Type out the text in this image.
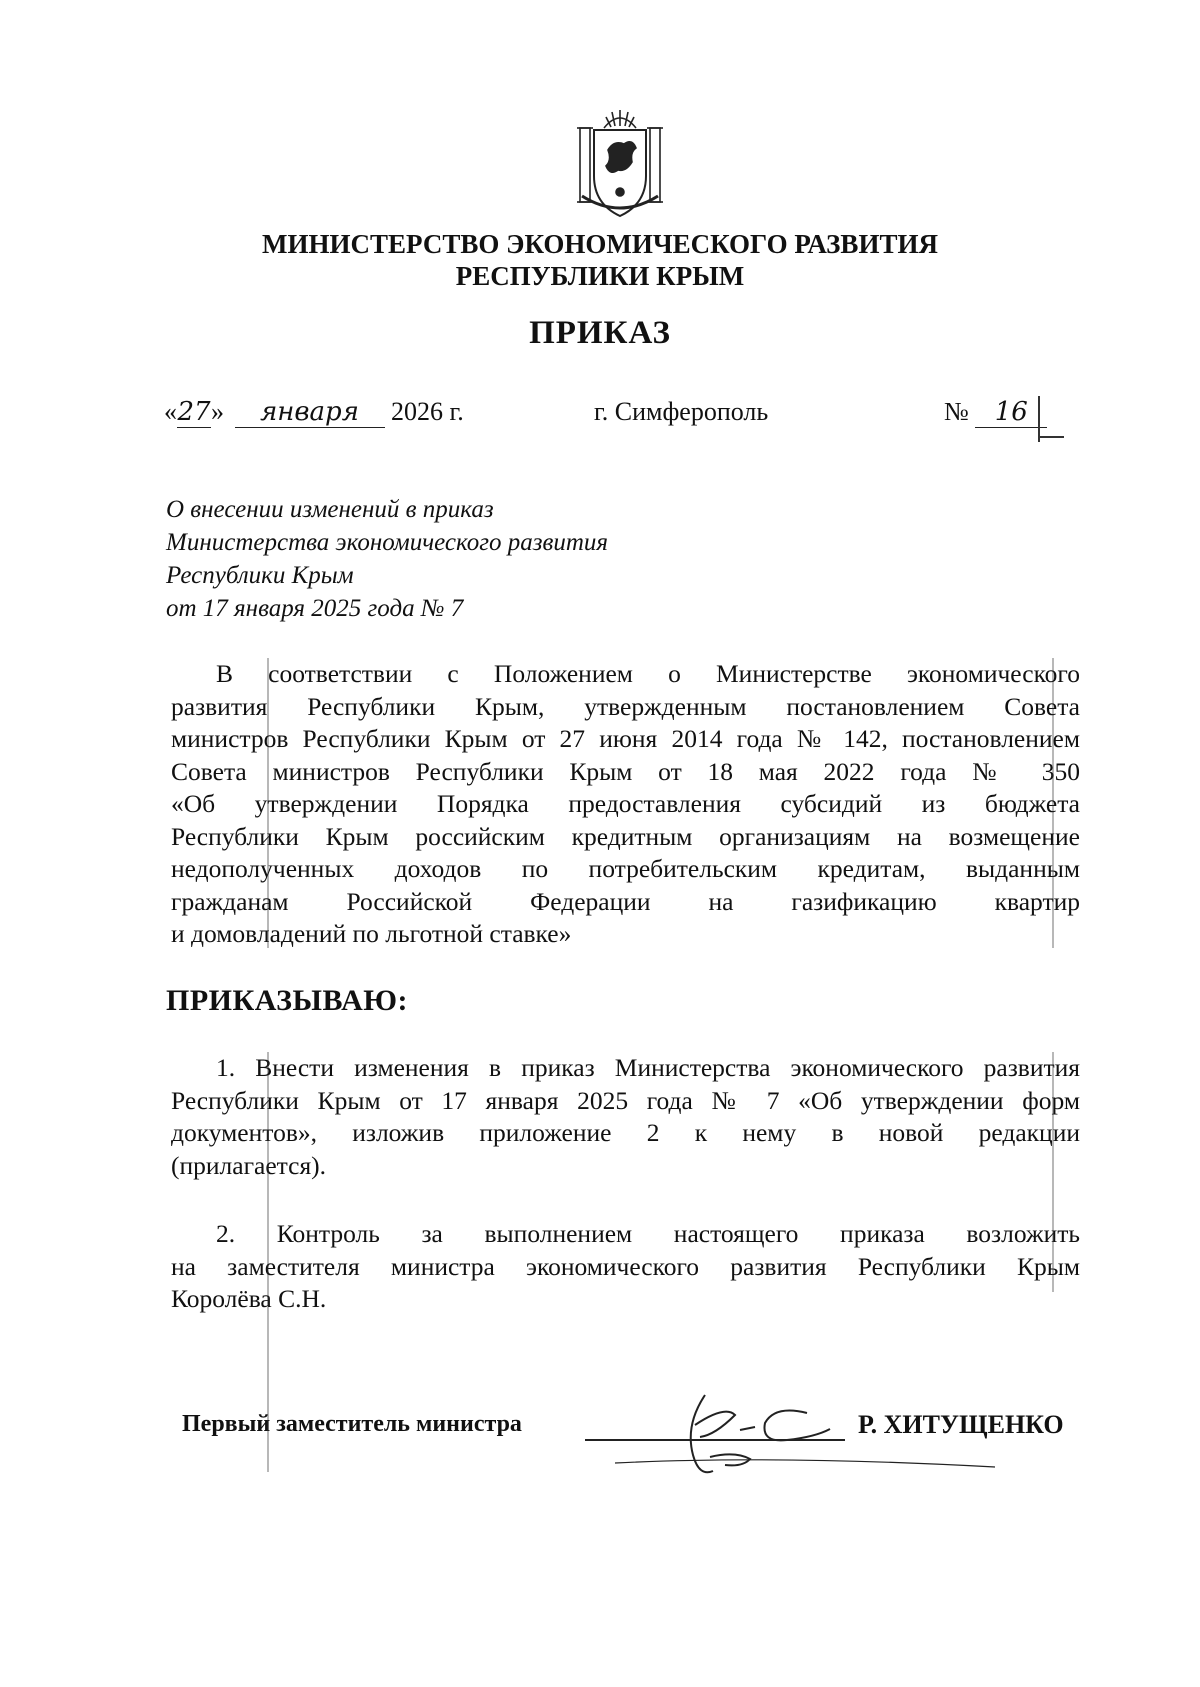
МИНИСТЕРСТВО ЭКОНОМИЧЕСКОГО РАЗВИТИЯ
РЕСПУБЛИКИ КРЫМ
ПРИКАЗ
«27» января 2026 г.	г. Симферополь	№ 16
О внесении изменений в приказ
Министерства экономического развития
Республики Крым
от 17 января 2025 года № 7
В соответствии с Положением о Министерстве экономического
развития Республики Крым, утвержденным постановлением Совета
министров Республики Крым от 27 июня 2014 года № 142, постановлением
Совета министров Республики Крым от 18 мая 2022 года № 350
«Об утверждении Порядка предоставления субсидий из бюджета
Республики Крым российским кредитным организациям на возмещение
недополученных доходов по потребительским кредитам, выданным
гражданам Российской Федерации на газификацию квартир
и домовладений по льготной ставке»
ПРИКАЗЫВАЮ:
1. Внести изменения в приказ Министерства экономического развития
Республики Крым от 17 января 2025 года № 7 «Об утверждении форм
документов», изложив приложение 2 к нему в новой редакции
(прилагается).
2. Контроль за выполнением настоящего приказа возложить
на заместителя министра экономического развития Республики Крым
Королёва С.Н.
Первый заместитель министра	Р. ХИТУЩЕНКО
